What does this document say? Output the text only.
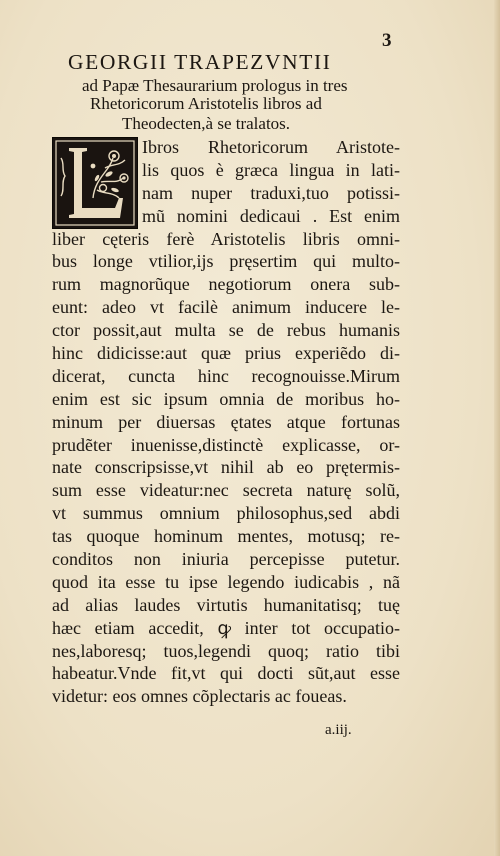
3
GEORGII TRAPEZVNTII
ad Papæ Thesaurarium prologus in tres
Rhetoricorum Aristotelis libros ad
Theodecten,à se tralatos.
Ibros Rhetoricorum Aristote-
lis quos è græca lingua in lati-
nam nuper traduxi,tuo potissi-
mũ nomini dedicaui . Est enim
liber cęteris ferè Aristotelis libris omni-
bus longe vtilior,ijs pręsertim qui multo-
rum magnorũque negotiorum onera sub-
eunt: adeo vt facilè animum inducere le-
ctor possit,aut multa se de rebus humanis
hinc didicisse:aut quæ prius experiẽdo di-
dicerat, cuncta hinc recognouisse.Mirum
enim est sic ipsum omnia de moribus ho-
minum per diuersas ętates atque fortunas
prudẽter inuenisse,distinctè explicasse, or-
nate conscripsisse,vt nihil ab eo prętermis-
sum esse videatur:nec secreta naturę solũ,
vt summus omnium philosophus,sed abdi
tas quoque hominum mentes, motusq; re-
conditos non iniuria percepisse putetur.
quod ita esse tu ipse legendo iudicabis , nã
ad alias laudes virtutis humanitatisq; tuę
hæc etiam accedit, ꝙ inter tot occupatio-
nes,laboresq; tuos,legendi quoq; ratio tibi
habeatur.Vnde fit,vt qui docti sũt,aut esse
videtur: eos omnes cõplectaris ac foueas.
a.iij.
